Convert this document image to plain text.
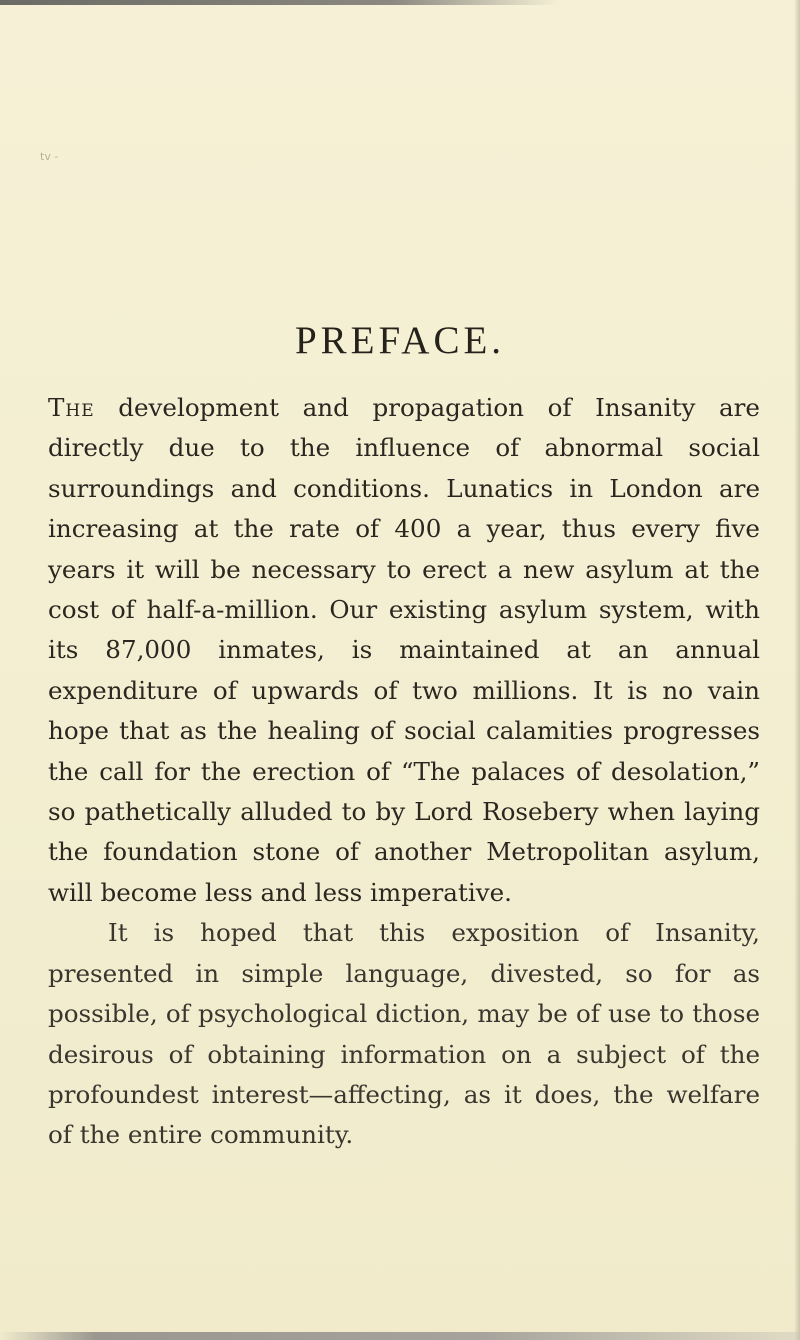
tv -
PREFACE.

The development and propagation of Insanity are directly due to the influence of abnormal social surroundings and conditions. Lunatics in London are increasing at the rate of 400 a year, thus every five years it will be necessary to erect a new asylum at the cost of half-a-million. Our existing asylum system, with its 87,000 inmates, is maintained at an annual expenditure of upwards of two millions. It is no vain hope that as the healing of social calamities progresses the call for the erection of “The palaces of desolation,” so pathetically alluded to by Lord Rosebery when laying the foundation stone of another Metropolitan asylum, will become less and less imperative.

It is hoped that this exposition of Insanity, presented in simple language, divested, so for as possible, of psychological diction, may be of use to those desirous of obtaining information on a subject of the profoundest interest—affecting, as it does, the welfare of the entire community.
